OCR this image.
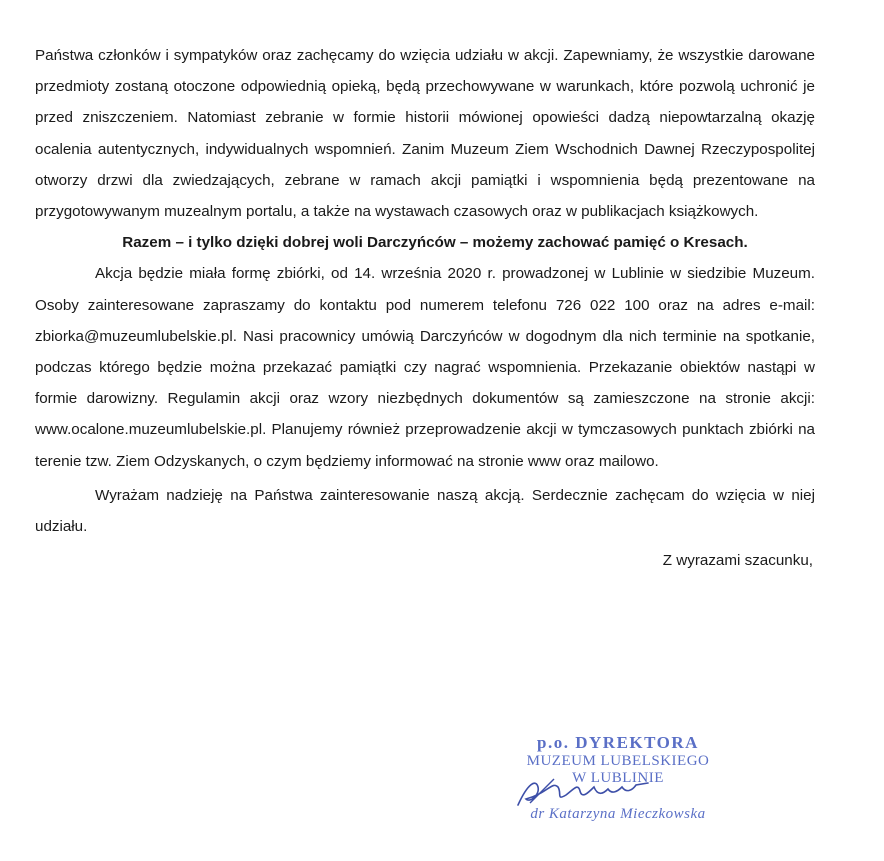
Państwa członków i sympatyków oraz zachęcamy do wzięcia udziału w akcji. Zapewniamy, że wszystkie darowane przedmioty zostaną otoczone odpowiednią opieką, będą przechowywane w warunkach, które pozwolą uchronić je przed zniszczeniem. Natomiast zebranie w formie historii mówionej opowieści dadzą niepowtarzalną okazję ocalenia autentycznych, indywidualnych wspomnień. Zanim Muzeum Ziem Wschodnich Dawnej Rzeczypospolitej otworzy drzwi dla zwiedzających, zebrane w ramach akcji pamiątki i wspomnienia będą prezentowane na przygotowywanym muzealnym portalu, a także na wystawach czasowych oraz w publikacjach książkowych.

Razem – i tylko dzięki dobrej woli Darczyńców – możemy zachować pamięć o Kresach.

Akcja będzie miała formę zbiórki, od 14. września 2020 r. prowadzonej w Lublinie w siedzibie Muzeum. Osoby zainteresowane zapraszamy do kontaktu pod numerem telefonu 726 022 100 oraz na adres e-mail: zbiorka@muzeumlubelskie.pl. Nasi pracownicy umówią Darczyńców w dogodnym dla nich terminie na spotkanie, podczas którego będzie można przekazać pamiątki czy nagrać wspomnienia. Przekazanie obiektów nastąpi w formie darowizny. Regulamin akcji oraz wzory niezbędnych dokumentów są zamieszczone na stronie akcji: www.ocalone.muzeumlubelskie.pl. Planujemy również przeprowadzenie akcji w tymczasowych punktach zbiórki na terenie tzw. Ziem Odzyskanych, o czym będziemy informować na stronie www oraz mailowo.

Wyrażam nadzieję na Państwa zainteresowanie naszą akcją. Serdecznie zachęcam do wzięcia w niej udziału.

Z wyrazami szacunku,

p.o. DYREKTORA
MUZEUM LUBELSKIEGO
W LUBLINIE
dr Katarzyna Mieczkowska
